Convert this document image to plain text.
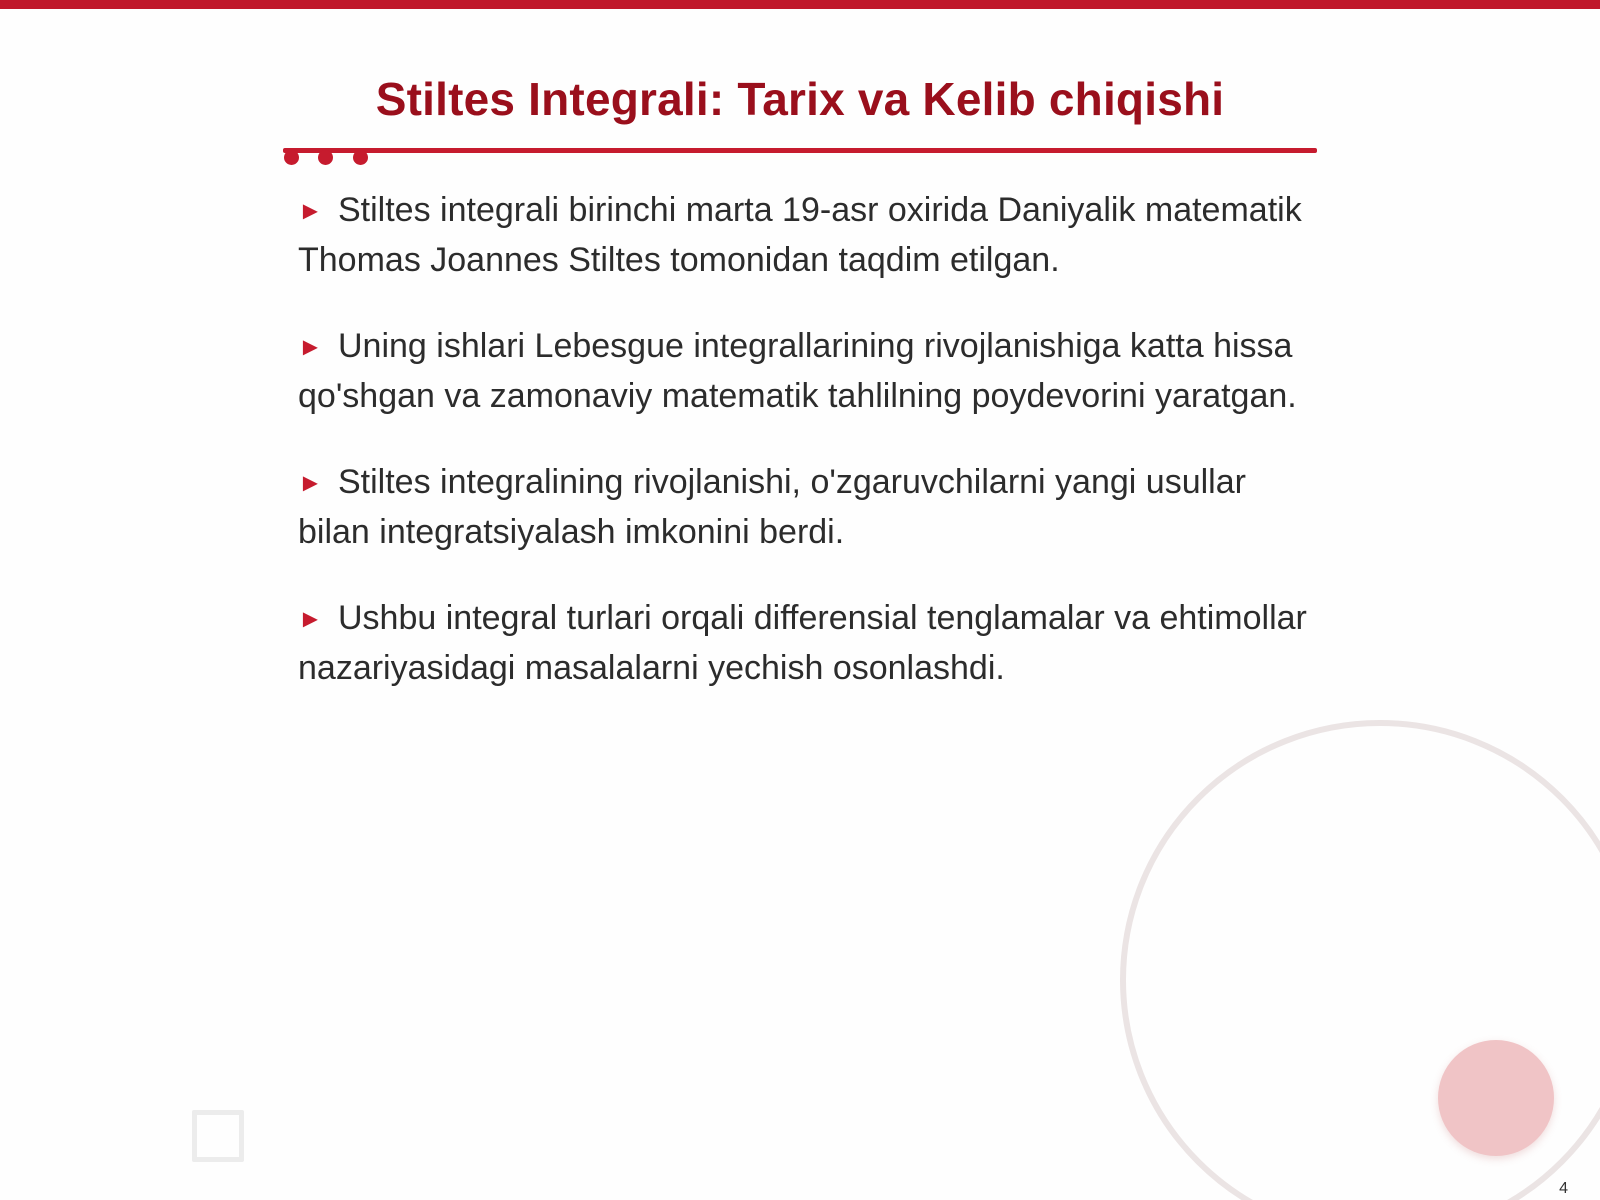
Stiltes Integrali: Tarix va Kelib chiqishi
► Stiltes integrali birinchi marta 19-asr oxirida Daniyalik matematik Thomas Joannes Stiltes tomonidan taqdim etilgan.
► Uning ishlari Lebesgue integrallarining rivojlanishiga katta hissa qo'shgan va zamonaviy matematik tahlilning poydevorini yaratgan.
► Stiltes integralining rivojlanishi, o'zgaruvchilarni yangi usullar bilan integratsiyalash imkonini berdi.
► Ushbu integral turlari orqali differensial tenglamalar va ehtimollar nazariyasidagi masalalarni yechish osonlashdi.
4
